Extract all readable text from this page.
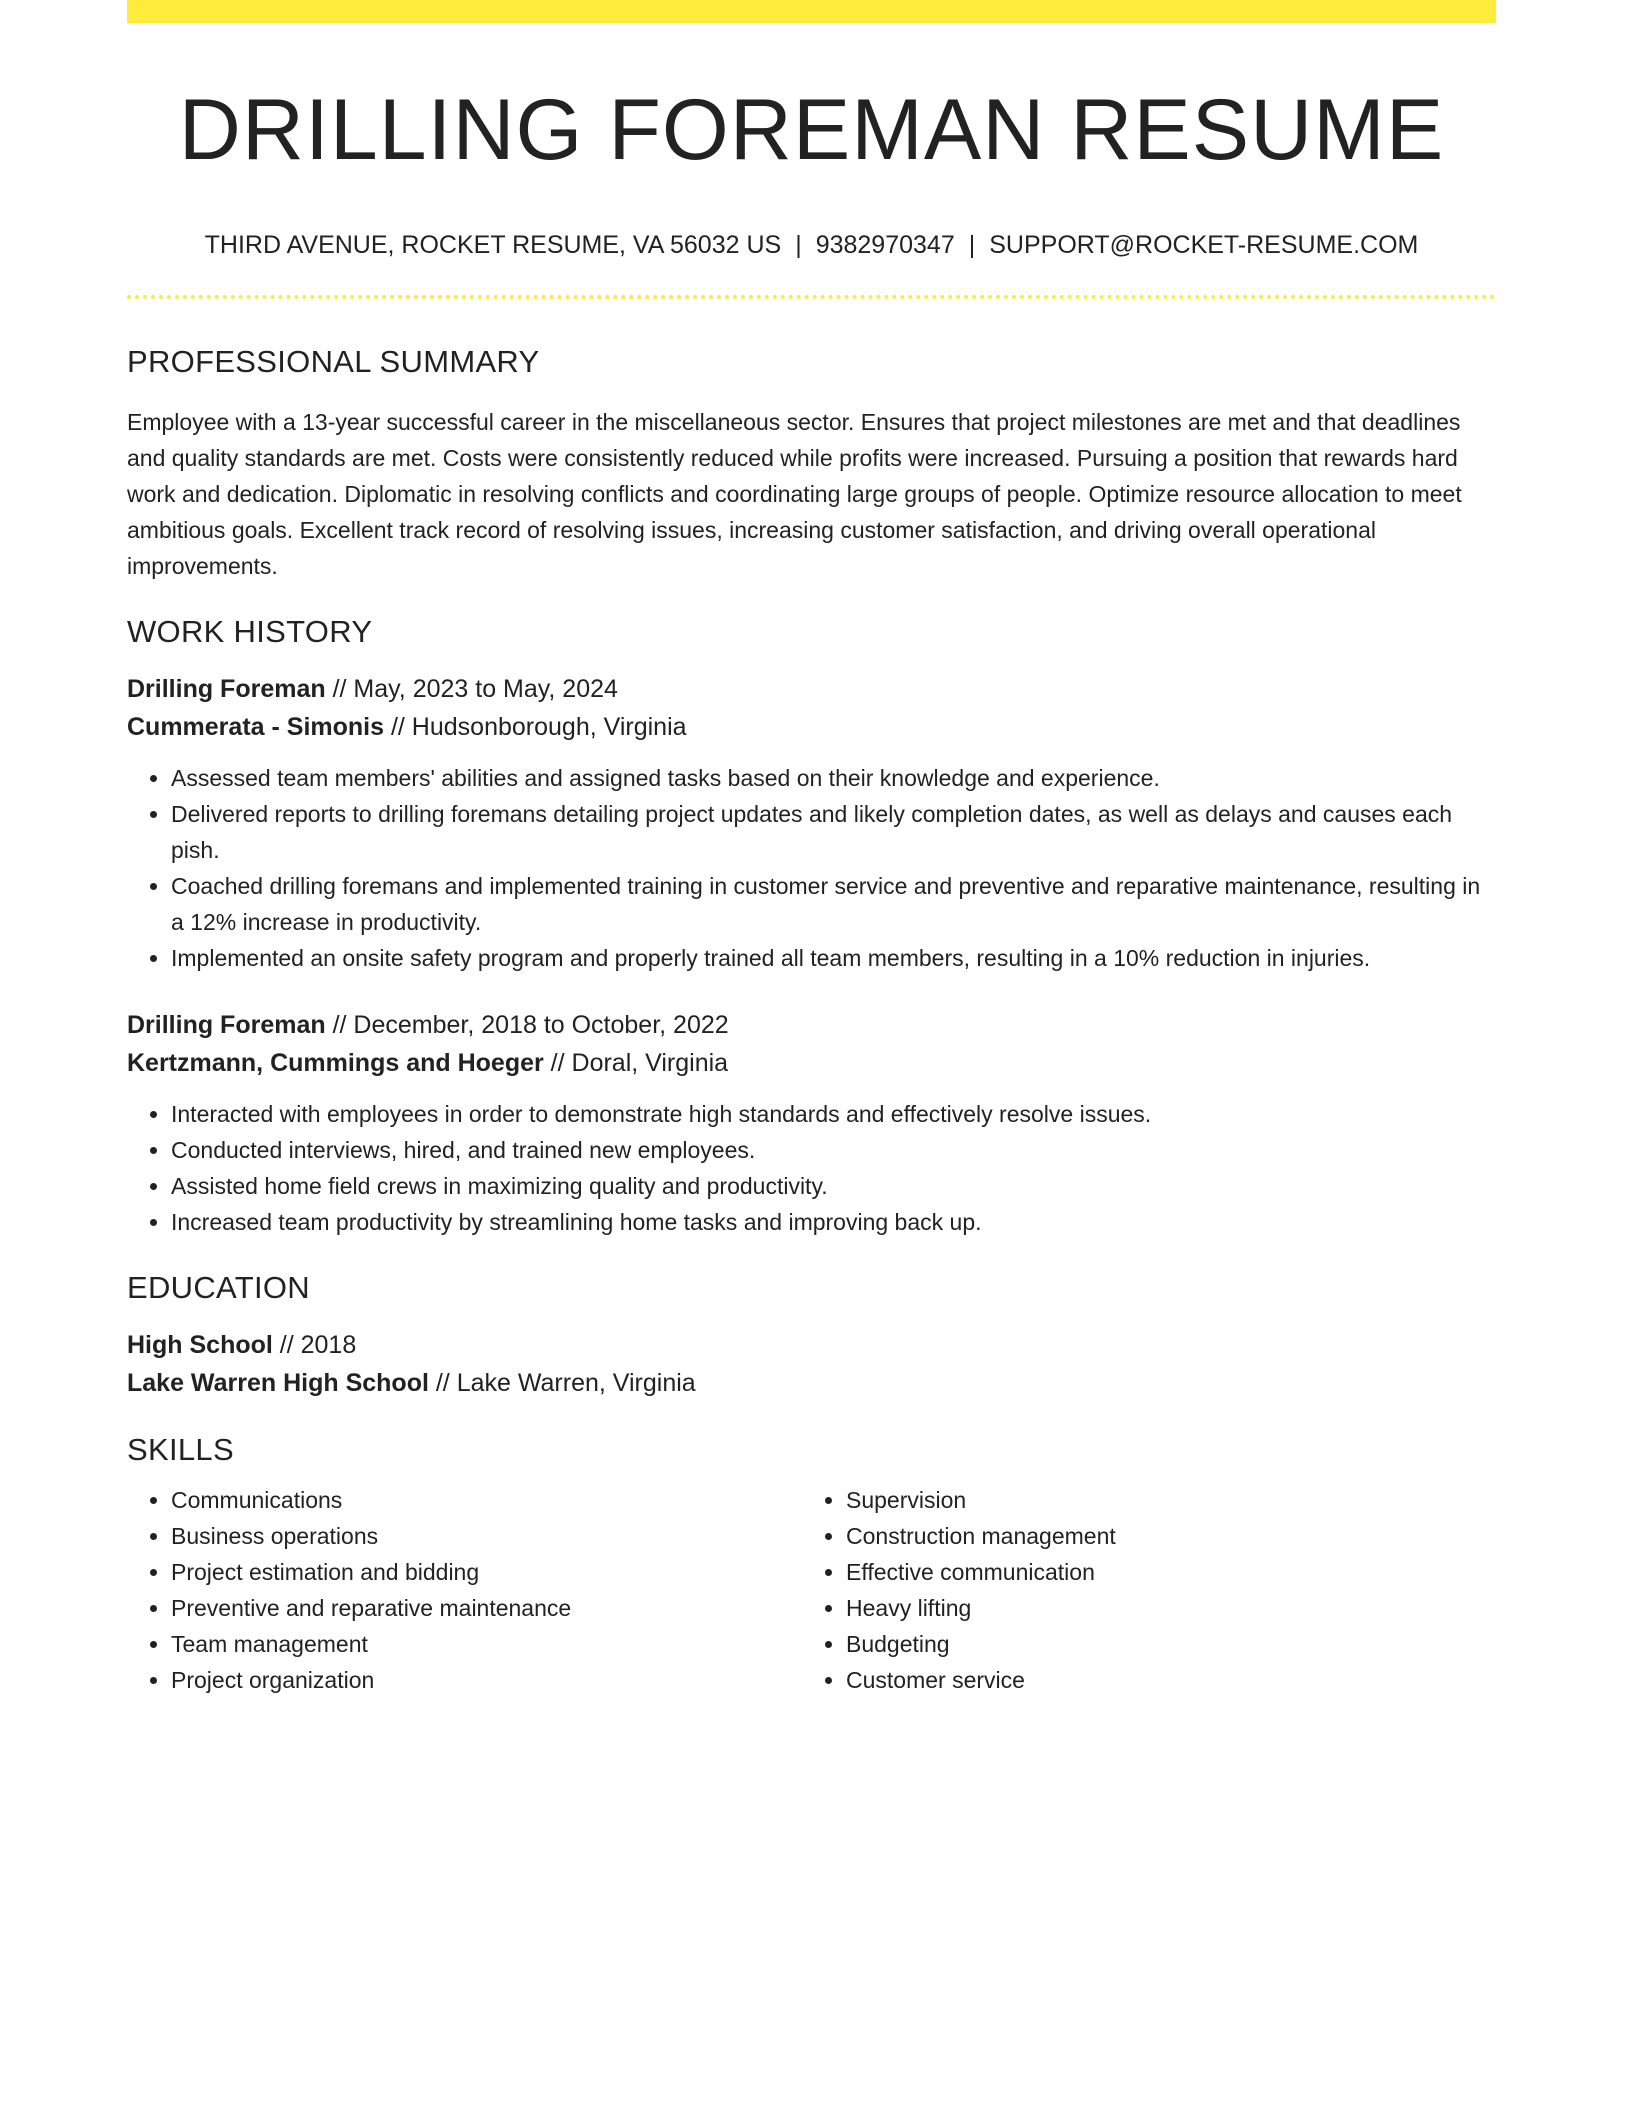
DRILLING FOREMAN RESUME
THIRD AVENUE, ROCKET RESUME, VA 56032 US | 9382970347 | SUPPORT@ROCKET-RESUME.COM
PROFESSIONAL SUMMARY

Employee with a 13-year successful career in the miscellaneous sector. Ensures that project milestones are met and that deadlines and quality standards are met. Costs were consistently reduced while profits were increased. Pursuing a position that rewards hard work and dedication. Diplomatic in resolving conflicts and coordinating large groups of people. Optimize resource allocation to meet ambitious goals. Excellent track record of resolving issues, increasing customer satisfaction, and driving overall operational improvements.

WORK HISTORY
Drilling Foreman // May, 2023 to May, 2024
Cummerata - Simonis // Hudsonborough, Virginia
• Assessed team members' abilities and assigned tasks based on their knowledge and experience.
• Delivered reports to drilling foremans detailing project updates and likely completion dates, as well as delays and causes each pish.
• Coached drilling foremans and implemented training in customer service and preventive and reparative maintenance, resulting in a 12% increase in productivity.
• Implemented an onsite safety program and properly trained all team members, resulting in a 10% reduction in injuries.
Drilling Foreman // December, 2018 to October, 2022
Kertzmann, Cummings and Hoeger // Doral, Virginia
• Interacted with employees in order to demonstrate high standards and effectively resolve issues.
• Conducted interviews, hired, and trained new employees.
• Assisted home field crews in maximizing quality and productivity.
• Increased team productivity by streamlining home tasks and improving back up.
EDUCATION
High School // 2018
Lake Warren High School // Lake Warren, Virginia
SKILLS
• Communications
• Business operations
• Project estimation and bidding
• Preventive and reparative maintenance
• Team management
• Project organization
• Supervision
• Construction management
• Effective communication
• Heavy lifting
• Budgeting
• Customer service
